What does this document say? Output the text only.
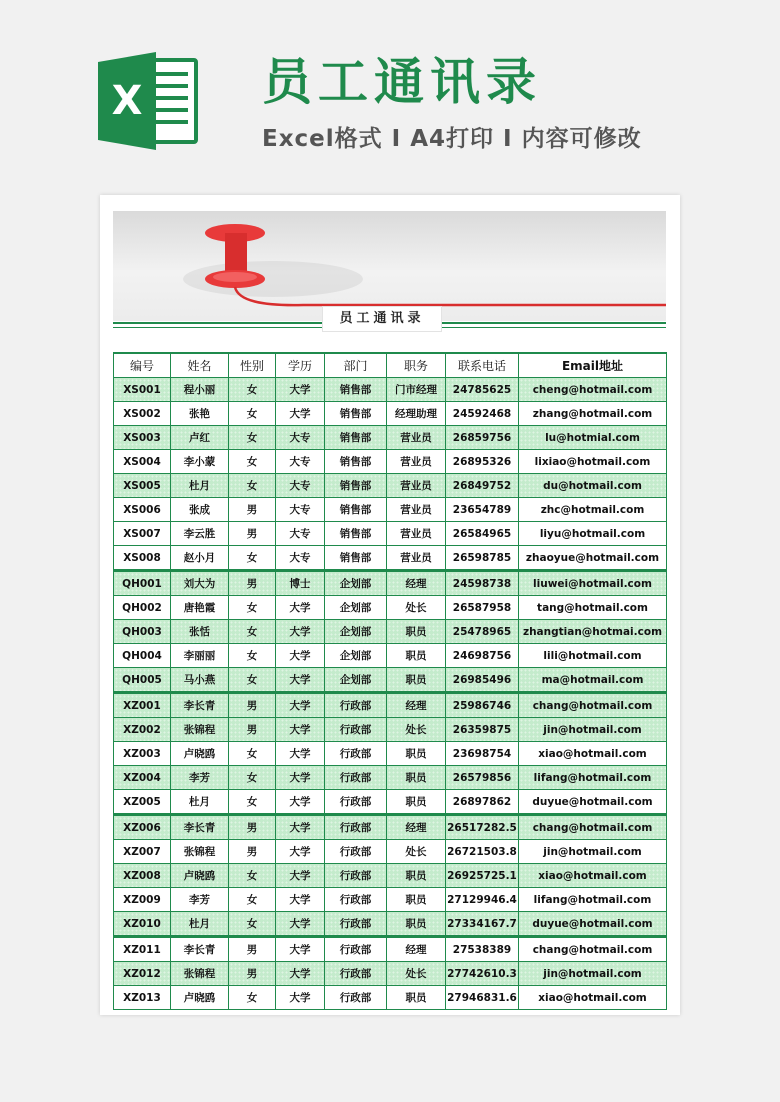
X 员工通讯录
Excel格式 Ⅰ A4打印 Ⅰ 内容可修改
员工通讯录
编号	姓名	性别	学历	部门	职务	联系电话	Email地址
XS001	程小丽	女	大学	销售部	门市经理	24785625	cheng@hotmail.com
XS002	张艳	女	大学	销售部	经理助理	24592468	zhang@hotmail.com
XS003	卢红	女	大专	销售部	营业员	26859756	lu@hotmial.com
XS004	李小蒙	女	大专	销售部	营业员	26895326	lixiao@hotmail.com
XS005	杜月	女	大专	销售部	营业员	26849752	du@hotmail.com
XS006	张成	男	大专	销售部	营业员	23654789	zhc@hotmail.com
XS007	李云胜	男	大专	销售部	营业员	26584965	liyu@hotmail.com
XS008	赵小月	女	大专	销售部	营业员	26598785	zhaoyue@hotmail.com
QH001	刘大为	男	博士	企划部	经理	24598738	liuwei@hotmail.com
QH002	唐艳霞	女	大学	企划部	处长	26587958	tang@hotmail.com
QH003	张恬	女	大学	企划部	职员	25478965	zhangtian@hotmai.com
QH004	李丽丽	女	大学	企划部	职员	24698756	lili@hotmail.com
QH005	马小燕	女	大学	企划部	职员	26985496	ma@hotmail.com
XZ001	李长青	男	大学	行政部	经理	25986746	chang@hotmail.com
XZ002	张锦程	男	大学	行政部	处长	26359875	jin@hotmail.com
XZ003	卢晓鸥	女	大学	行政部	职员	23698754	xiao@hotmail.com
XZ004	李芳	女	大学	行政部	职员	26579856	lifang@hotmail.com
XZ005	杜月	女	大学	行政部	职员	26897862	duyue@hotmail.com
XZ006	李长青	男	大学	行政部	经理	26517282.5	chang@hotmail.com
XZ007	张锦程	男	大学	行政部	处长	26721503.8	jin@hotmail.com
XZ008	卢晓鸥	女	大学	行政部	职员	26925725.1	xiao@hotmail.com
XZ009	李芳	女	大学	行政部	职员	27129946.4	lifang@hotmail.com
XZ010	杜月	女	大学	行政部	职员	27334167.7	duyue@hotmail.com
XZ011	李长青	男	大学	行政部	经理	27538389	chang@hotmail.com
XZ012	张锦程	男	大学	行政部	处长	27742610.3	jin@hotmail.com
XZ013	卢晓鸥	女	大学	行政部	职员	27946831.6	xiao@hotmail.com
